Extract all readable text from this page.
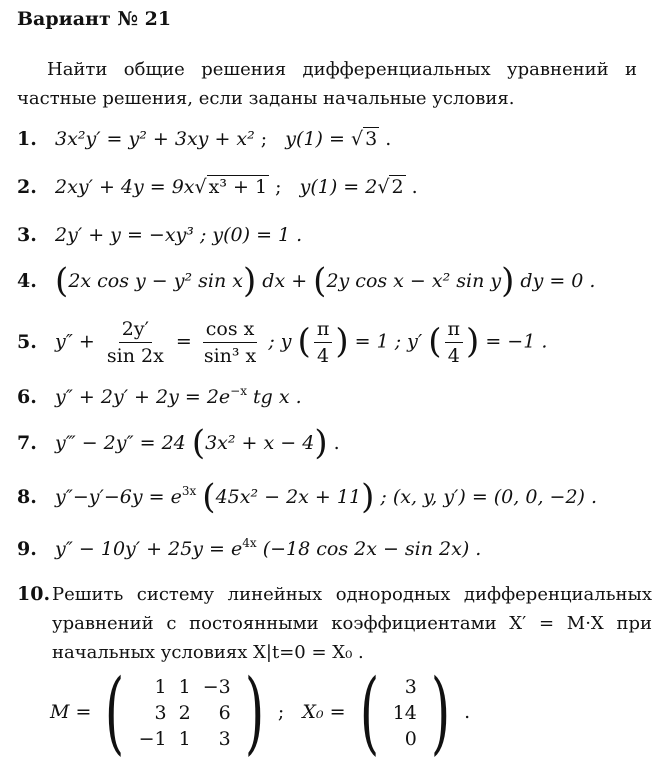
Вариант № 21
Найти общие решения дифференциальных уравнений и частные решения, если заданы начальные условия.
1. 3x²y′ = y² + 3xy + x² ;   y(1) = √ 3 .
2. 2xy′ + 4y = 9x√ x³ + 1 ;   y(1) = 2√ 2 .
3. 2y′ + y = −xy³ ; y(0) = 1 .
4. (2x cos y − y² sin x) dx + (2y cos x − x² sin y) dy = 0 .
5. $y'' + \frac{2y'}{\sin 2x} = \frac{\text{cos x}}{\text{sin³ x}}$ ; y ( $\frac{\pi}{4}$ ) = 1 ; y′ ( $\frac{\pi}{4}$ ) = −1 .
6. $y'' + 2y' + 2y = 2e^{-x}$ tg x .
7. y‴ − 2y″ = 24 (3x² + x − 4) .
8. $y''-y'-6y = e^{3x}$ (45x² − 2x + 11) ; (x, y, y′) = (0, 0, −2) .
9. $y'' - 10y' + 25y = e^{4x}$ (−18 cos 2x − sin 2x) .
10. Решить систему линейных однородных дифференциальных уравнений с постоянными коэффициентами X′ = M·X при начальных условиях X|t=0 = X₀ .
M = ( 1	1	−3
3	2	6
−1	1	3 ) ; X₀ = ( 3
14
0 ) .
